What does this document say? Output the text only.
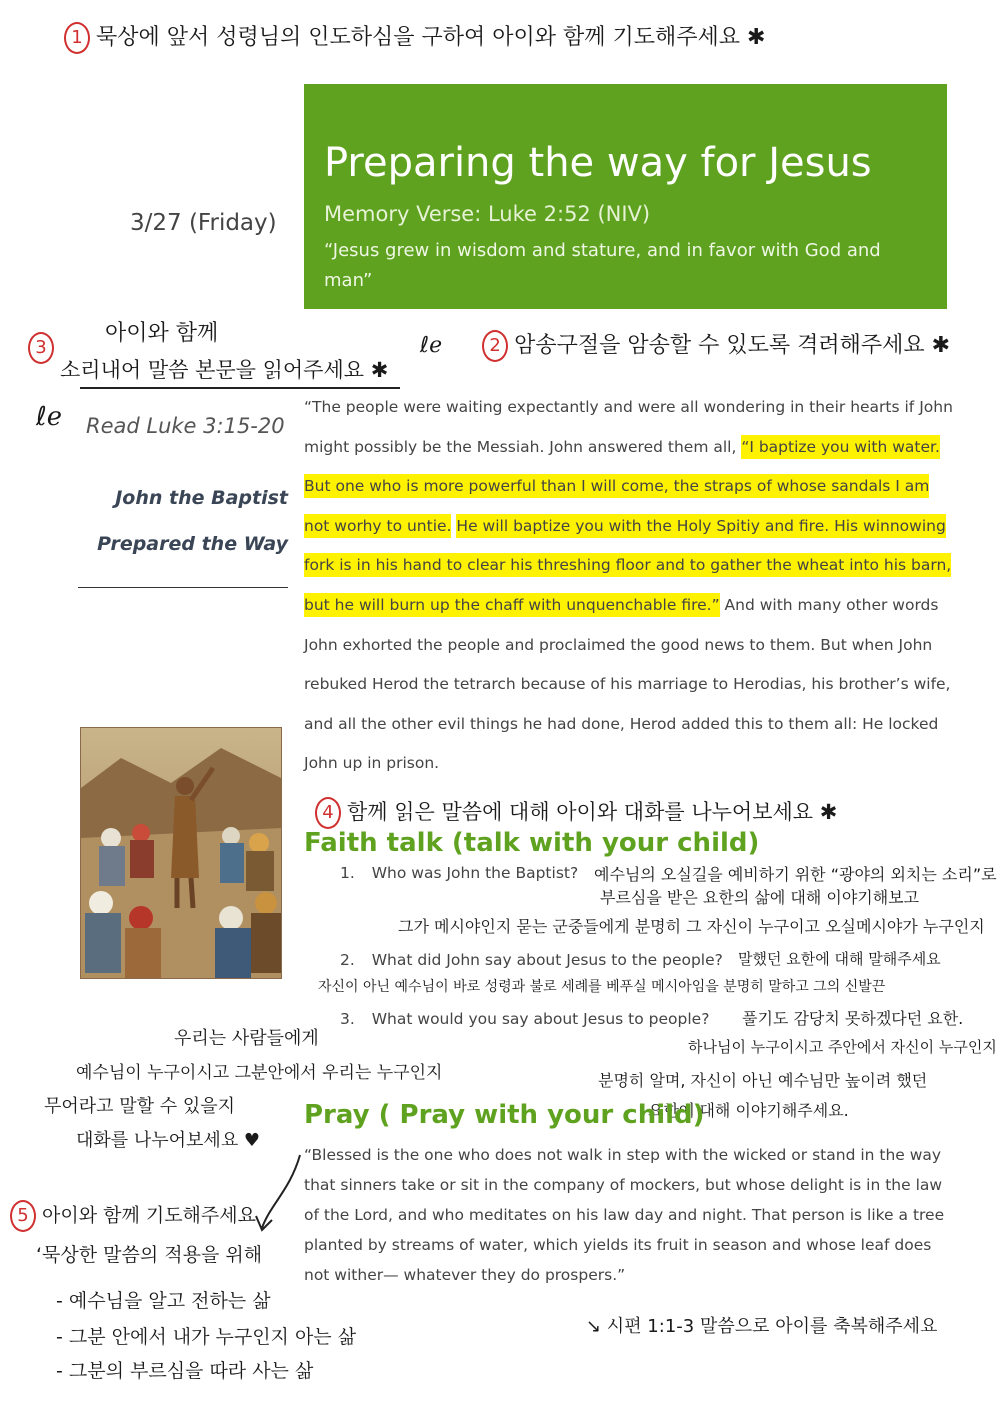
1 묵상에 앞서 성령님의 인도하심을 구하여 아이와 함께 기도해주세요 ✱
Preparing the way for Jesus
Memory Verse: Luke 2:52 (NIV)
“Jesus grew in wisdom and stature, and in favor with God and man”
3/27 (Friday)
아이와 함께
3
소리내어 말씀 본문을 읽어주세요 ✱
ℓℯ	2 암송구절을 암송할 수 있도록 격려해주세요 ✱
ℓℯ Read Luke 3:15-20
John the Baptist
Prepared the Way
“The people were waiting expectantly and were all wondering in their hearts if John might possibly be the Messiah. John answered them all, “I baptize you with water. But one who is more powerful than I will come, the straps of whose sandals I am not worhy to untie. He will baptize you with the Holy Spitiy and fire. His winnowing fork is in his hand to clear his threshing floor and to gather the wheat into his barn, but he will burn up the chaff with unquenchable fire.” And with many other words John exhorted the people and proclaimed the good news to them. But when John rebuked Herod the tetrarch because of his marriage to Herodias, his brother’s wife, and all the other evil things he had done, Herod added this to them all: He locked John up in prison.
4 함께 읽은 말씀에 대해 아이와 대화를 나누어보세요 ✱
Faith talk (talk with your child)
1. Who was John the Baptist? 예수님의 오실길을 예비하기 위한 “광야의 외치는 소리”로
부르심을 받은 요한의 삶에 대해 이야기해보고
그가 메시야인지 묻는 군중들에게 분명히 그 자신이 누구이고 오실메시야가 누구인지
2. What did John say about Jesus to the people? 말했던 요한에 대해 말해주세요
자신이 아닌 예수님이 바로 성령과 불로 세례를 베푸실 메시아임을 분명히 말하고 그의 신발끈
3. What would you say about Jesus to people? 풀기도 감당치 못하겠다던 요한.
하나님이 누구이시고 주안에서 자신이 누구인지
분명히 알며, 자신이 아닌 예수님만 높이려 했던
요한에 대해 이야기해주세요.
우리는 사람들에게
예수님이 누구이시고 그분안에서 우리는 누구인지
무어라고 말할 수 있을지
대화를 나누어보세요 ♥
Pray ( Pray with your child)
“Blessed is the one who does not walk in step with the wicked or stand in the way that sinners take or sit in the company of mockers, but whose delight is in the law of the Lord, and who meditates on his law day and night. That person is like a tree planted by streams of water, which yields its fruit in season and whose leaf does not wither— whatever they do prospers.”
5 아이와 함께 기도해주세요
‘묵상한 말씀의 적용을 위해
- 예수님을 알고 전하는 삶
- 그분 안에서 내가 누구인지 아는 삶
- 그분의 부르심을 따라 사는 삶
↘ 시편 1:1-3 말씀으로 아이를 축복해주세요
